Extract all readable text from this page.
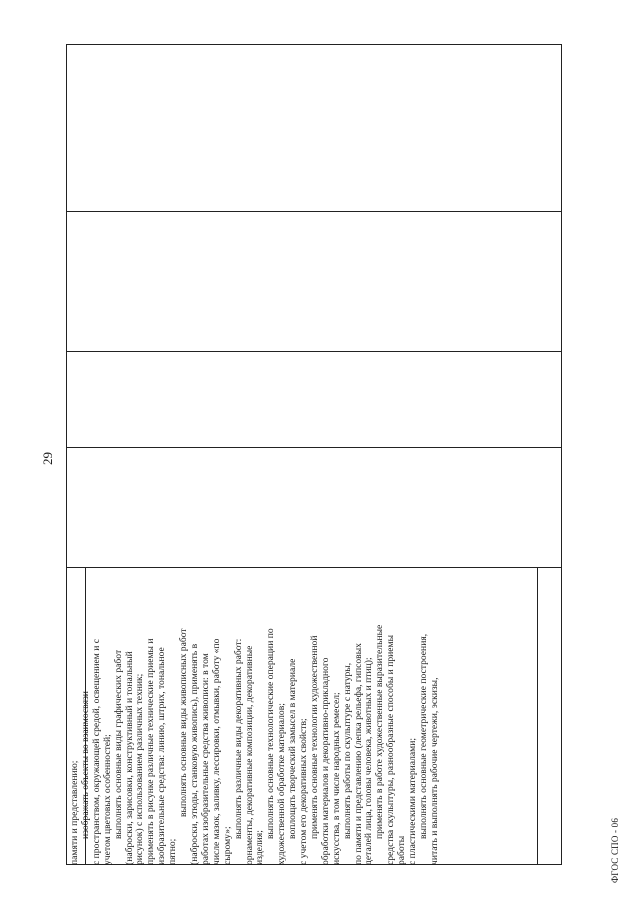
29
памяти и представлению; изображать объекты во взаимосвязи с пространством, окружающей средой, освещением и с учетом цветовых особенностей; выполнять основные виды графических работ (наброски, зарисовки, конструктивный и тональный рисунок) с использованием различных техник; применять в рисунке различные технические приемы и изобразительные средства: линию, штрих, тональное пятно;
выполнять основные виды живописных работ (наброски, этюды, станковую живопись), применять в работах изобразительные средства живописи: в том числе мазок, заливку, лессировки, отмывки, работу «по сырому»;
выполнять различные виды декоративных работ: орнаменты, декоративные композиции, декоративные изделия;
выполнять основные технологические операции по художественной обработке материалов; воплощать творческий замысел в материале с учетом его декоративных свойств; применять основные технологии художественной обработки материалов и декоративно-прикладного искусства, в том числе народных ремесел; выполнять работы по скульптуре с натуры, по памяти и представлению (лепка рельефа, гипсовых деталей лица, головы человека, животных и птиц); применять в работе художественные выразительные средства скульптуры, разнообразные способы и приемы работы с пластическими материалами; выполнять основные геометрические построения, читать и выполнять рабочие чертежи, эскизы,	ФГОС СПО - 06
